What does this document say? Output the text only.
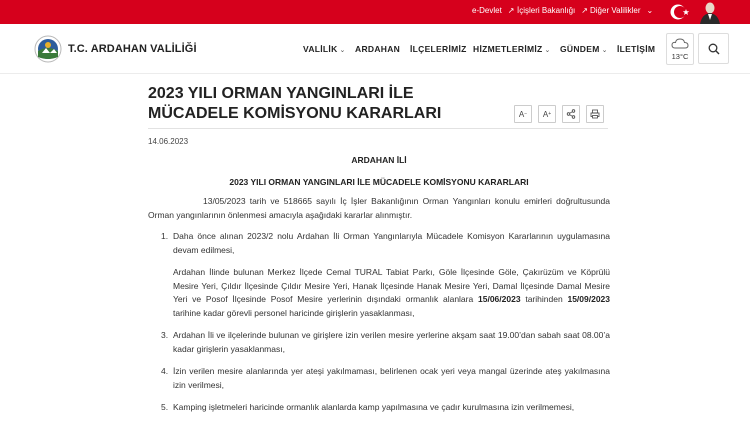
e-Devlet ↗ İçişleri Bakanlığı ↗ Diğer Valilikler ⌄
T.C. ARDAHAN VALİLİĞİ	VALİLİK ⌄ ARDAHAN İLÇELERİMİZ HİZMETLERİMİZ ⌄ GÜNDEM ⌄ İLETİŞİM
13°C
2023 YILI ORMAN YANGINLARI İLE MÜCADELE KOMİSYONU KARARLARI	A − A +
14.06.2023
ARDAHAN İLİ
2023 YILI ORMAN YANGINLARI İLE MÜCADELE KOMİSYONU KARARLARI

13/05/2023 tarih ve 518665 sayılı İç İşler Bakanlığının Orman Yangınları konulu emirleri doğrultusunda Orman yangınlarının önlenmesi amacıyla aşağıdaki kararlar alınmıştır.

1. Daha önce alınan 2023/2 nolu Ardahan İli Orman Yangınlarıyla Mücadele Komisyon Kararlarının uygulamasına devam edilmesi,
Ardahan İlinde bulunan Merkez İlçede Cemal TURAL Tabiat Parkı, Göle İlçesinde Göle, Çakırüzüm ve Köprülü Mesire Yeri, Çıldır İlçesinde Çıldır Mesire Yeri, Hanak İlçesinde Hanak Mesire Yeri, Damal İlçesinde Damal Mesire Yeri ve Posof İlçesinde Posof Mesire yerlerinin dışındaki ormanlık alanlara 15/06/2023 tarihinden 15/09/2023 tarihine kadar görevli personel haricinde girişlerin yasaklanması,
3. Ardahan İli ve ilçelerinde bulunan ve girişlere izin verilen mesire yerlerine akşam saat 19.00’dan sabah saat 08.00’a kadar girişlerin yasaklanması,
4. İzin verilen mesire alanlarında yer ateşi yakılmaması, belirlenen ocak yeri veya mangal üzerinde ateş yakılmasına izin verilmesi,
5. Kamping işletmeleri haricinde ormanlık alanlarda kamp yapılmasına ve çadır kurulmasına izin verilmemesi,
